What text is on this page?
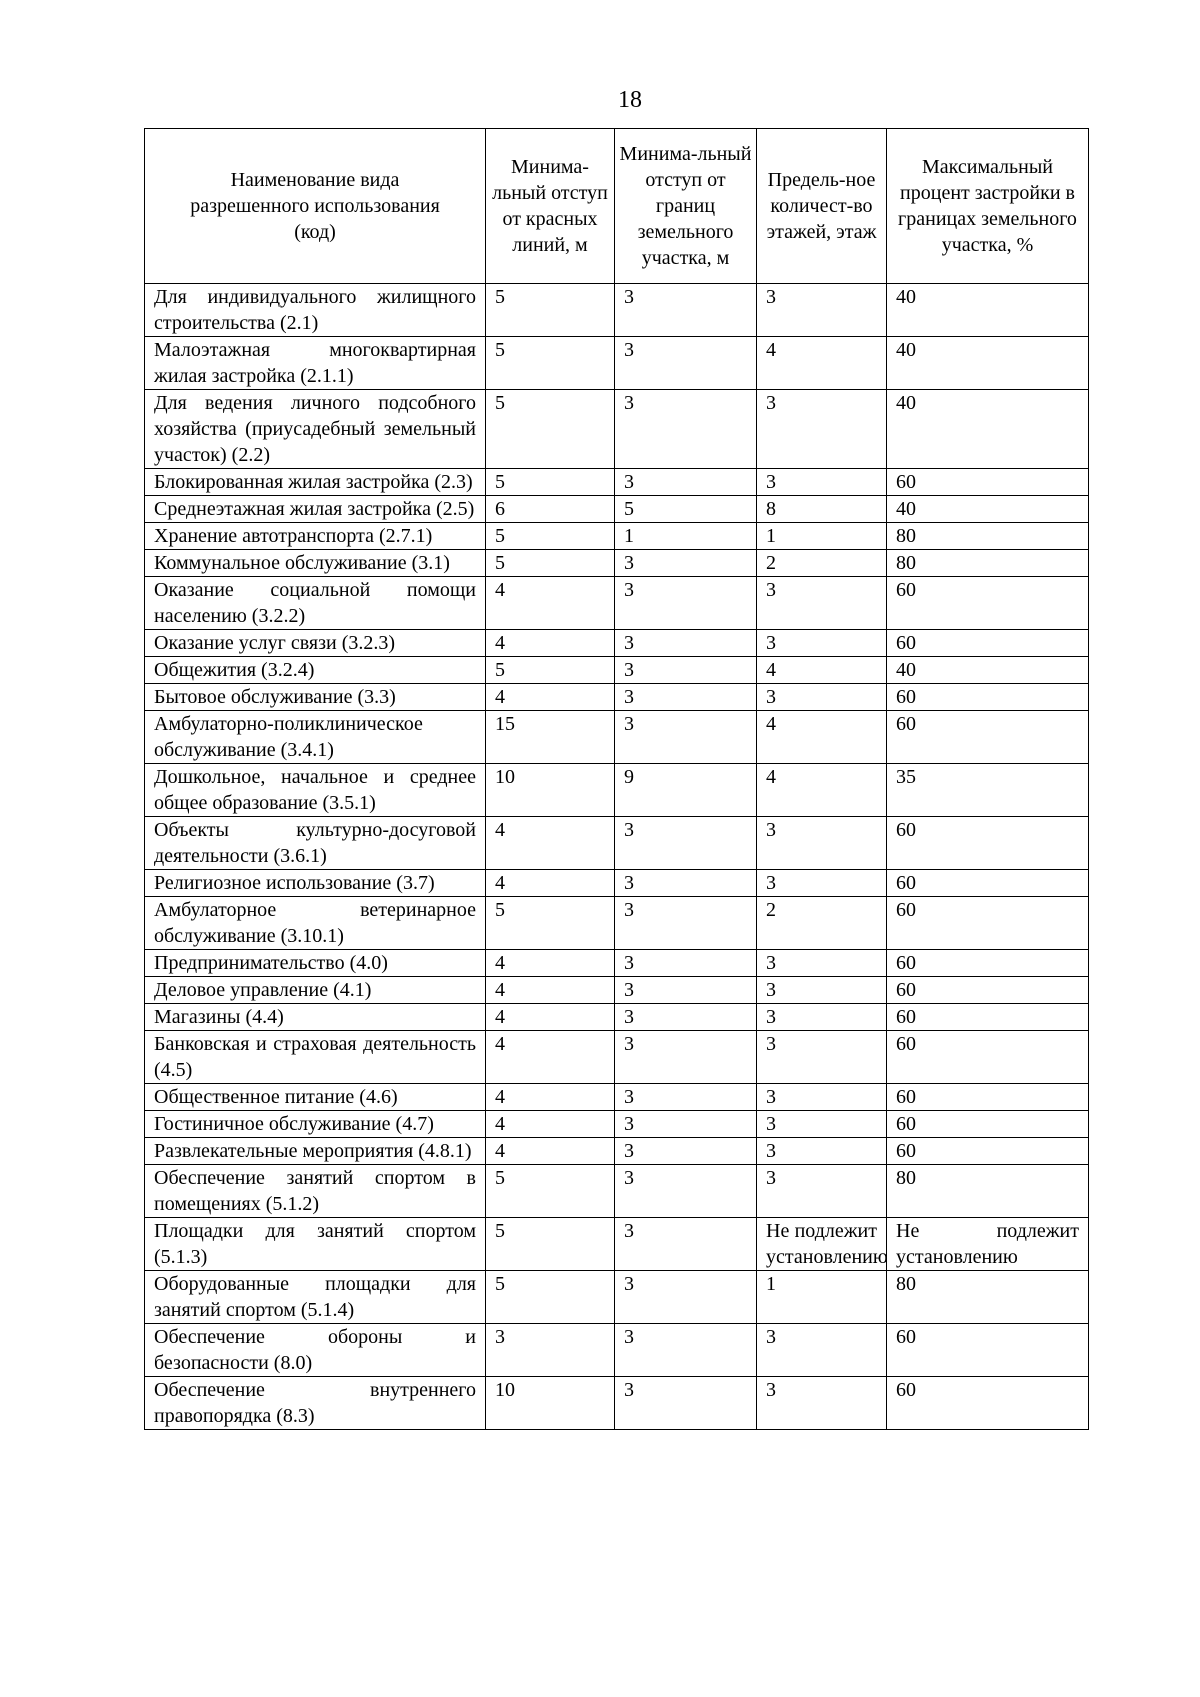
18
Наименование вида разрешенного использования (код)	Минима-льный отступ от красных линий, м	Минима-льный отступ от границ земельного участка, м	Предель-ное количест-во этажей, этаж	Максимальный процент застройки в границах земельного участка, %
Для индивидуального жилищного строительства (2.1)	5	3	3	40
Малоэтажная многоквартирная жилая застройка (2.1.1)	5	3	4	40
Для ведения личного подсобного хозяйства (приусадебный земельный участок) (2.2)	5	3	3	40
Блокированная жилая застройка (2.3)	5	3	3	60
Среднеэтажная жилая застройка (2.5)	6	5	8	40
Хранение автотранспорта (2.7.1)	5	1	1	80
Коммунальное обслуживание (3.1)	5	3	2	80
Оказание социальной помощи населению (3.2.2)	4	3	3	60
Оказание услуг связи (3.2.3)	4	3	3	60
Общежития (3.2.4)	5	3	4	40
Бытовое обслуживание (3.3)	4	3	3	60
Амбулаторно-поликлиническое обслуживание (3.4.1)	15	3	4	60
Дошкольное, начальное и среднее общее образование (3.5.1)	10	9	4	35
Объекты культурно-досуговой деятельности (3.6.1)	4	3	3	60
Религиозное использование (3.7)	4	3	3	60
Амбулаторное ветеринарное обслуживание (3.10.1)	5	3	2	60
Предпринимательство (4.0)	4	3	3	60
Деловое управление (4.1)	4	3	3	60
Магазины (4.4)	4	3	3	60
Банковская и страховая деятельность (4.5)	4	3	3	60
Общественное питание (4.6)	4	3	3	60
Гостиничное обслуживание (4.7)	4	3	3	60
Развлекательные мероприятия (4.8.1)	4	3	3	60
Обеспечение занятий спортом в помещениях (5.1.2)	5	3	3	80
Площадки для занятий спортом (5.1.3)	5	3	Не подлежит установлению	Не подлежит установлению
Оборудованные площадки для занятий спортом (5.1.4)	5	3	1	80
Обеспечение обороны и безопасности (8.0)	3	3	3	60
Обеспечение внутреннего правопорядка (8.3)	10	3	3	60
